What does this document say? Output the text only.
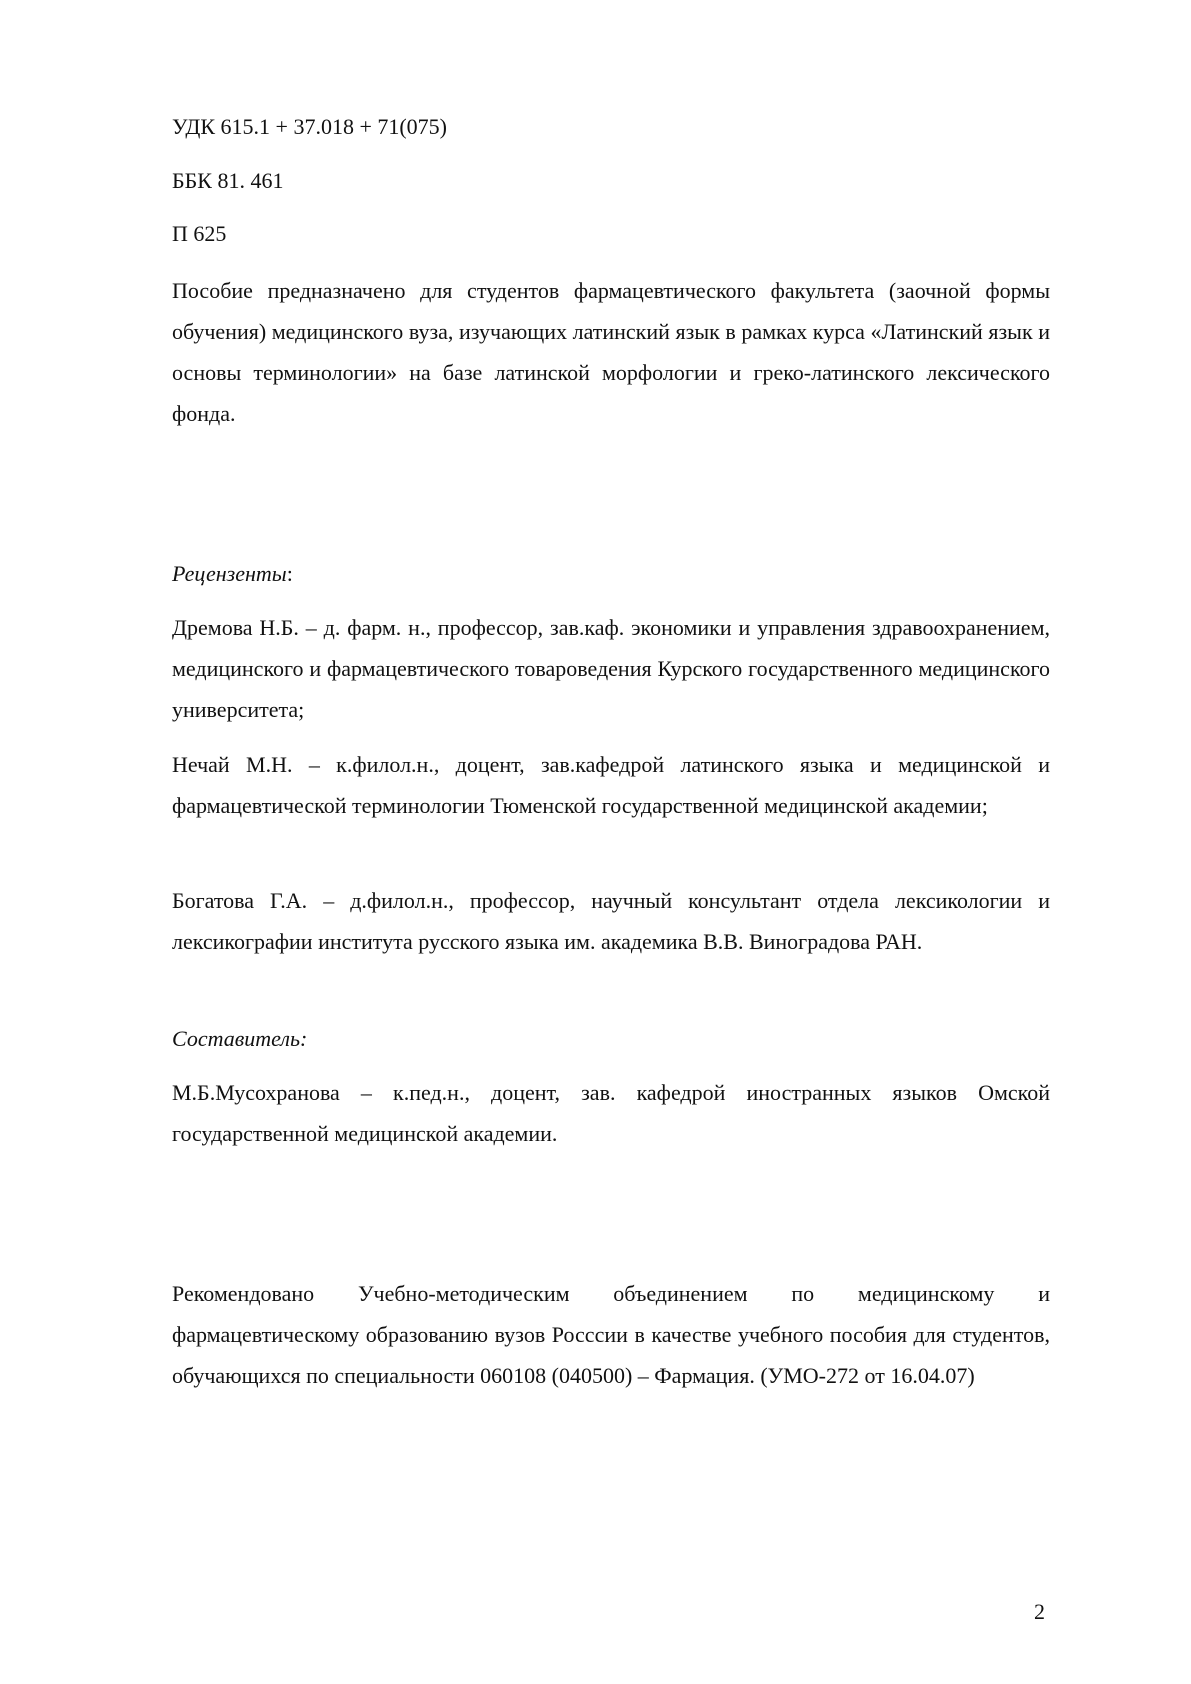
УДК 615.1 + 37.018 + 71(075)
ББК 81. 461
П 625

Пособие предназначено для студентов фармацевтического факультета (заочной формы обучения) медицинского вуза, изучающих латинский язык в рамках курса «Латинский язык и основы терминологии» на базе латинской морфологии и греко-латинского лексического фонда.

Рецензенты:

Дремова Н.Б. – д. фарм. н., профессор, зав.каф. экономики и управления здравоохранением, медицинского и фармацевтического товароведения Курского государственного медицинского университета;

Нечай М.Н. – к.филол.н., доцент, зав.кафедрой латинского языка и медицинской и фармацевтической терминологии Тюменской государственной медицинской академии;

Богатова Г.А. – д.филол.н., профессор, научный консультант отдела лексикологии и лексикографии института русского языка им. академика В.В. Виноградова РАН.

Составитель:

М.Б.Мусохранова – к.пед.н., доцент, зав. кафедрой иностранных языков Омской государственной медицинской академии.

Рекомендовано Учебно-методическим объединением по медицинскому и фармацевтическому образованию вузов Росссии в качестве учебного пособия для студентов, обучающихся по специальности 060108 (040500) – Фармация. (УМО-272 от 16.04.07)

2
